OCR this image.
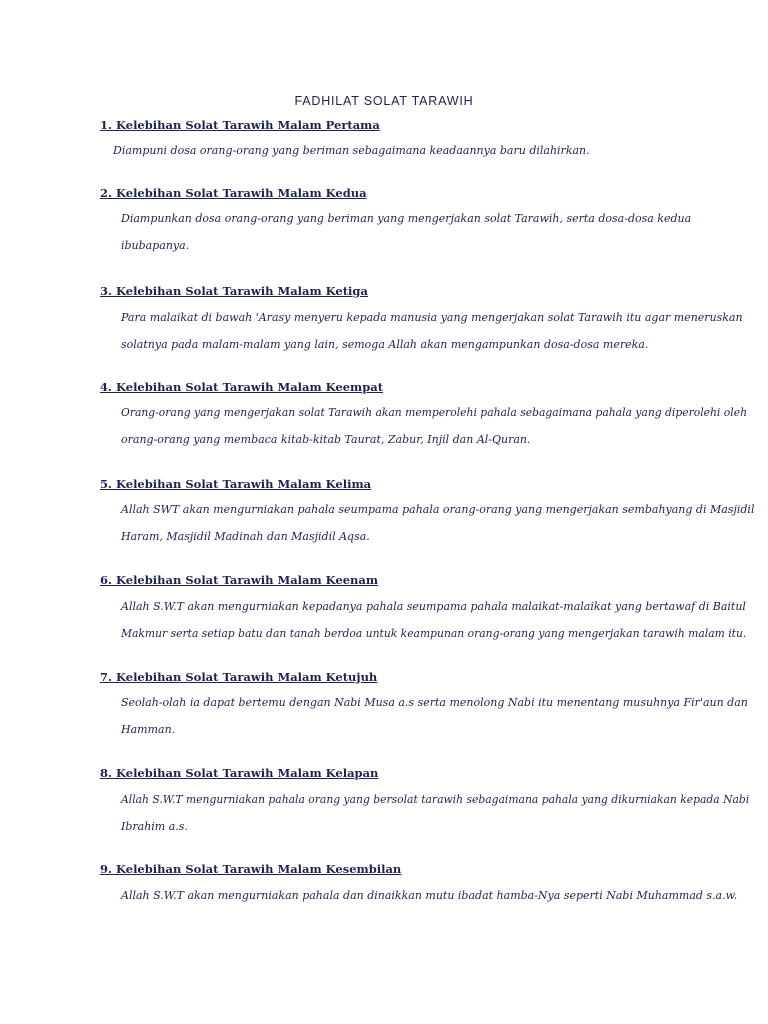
FADHILAT SOLAT TARAWIH
1. Kelebihan Solat Tarawih Malam Pertama
Diampuni dosa orang-orang yang beriman sebagaimana keadaannya baru dilahirkan.
2. Kelebihan Solat Tarawih Malam Kedua
Diampunkan dosa orang-orang yang beriman yang mengerjakan solat Tarawih, serta dosa-dosa kedua
ibubapanya.
3. Kelebihan Solat Tarawih Malam Ketiga
Para malaikat di bawah 'Arasy menyeru kepada manusia yang mengerjakan solat Tarawih itu agar meneruskan
solatnya pada malam-malam yang lain, semoga Allah akan mengampunkan dosa-dosa mereka.
4. Kelebihan Solat Tarawih Malam Keempat
Orang-orang yang mengerjakan solat Tarawih akan memperolehi pahala sebagaimana pahala yang diperolehi oleh
orang-orang yang membaca kitab-kitab Taurat, Zabur, Injil dan Al-Quran.
5. Kelebihan Solat Tarawih Malam Kelima
Allah SWT akan mengurniakan pahala seumpama pahala orang-orang yang mengerjakan sembahyang di Masjidil
Haram, Masjidil Madinah dan Masjidil Aqsa.
6. Kelebihan Solat Tarawih Malam Keenam
Allah S.W.T akan mengurniakan kepadanya pahala seumpama pahala malaikat-malaikat yang bertawaf di Baitul
Makmur serta setiap batu dan tanah berdoa untuk keampunan orang-orang yang mengerjakan tarawih malam itu.
7. Kelebihan Solat Tarawih Malam Ketujuh
Seolah-olah ia dapat bertemu dengan Nabi Musa a.s serta menolong Nabi itu menentang musuhnya Fir'aun dan
Hamman.
8. Kelebihan Solat Tarawih Malam Kelapan
Allah S.W.T mengurniakan pahala orang yang bersolat tarawih sebagaimana pahala yang dikurniakan kepada Nabi
Ibrahim a.s.
9. Kelebihan Solat Tarawih Malam Kesembilan
Allah S.W.T akan mengurniakan pahala dan dinaikkan mutu ibadat hamba-Nya seperti Nabi Muhammad s.a.w.
